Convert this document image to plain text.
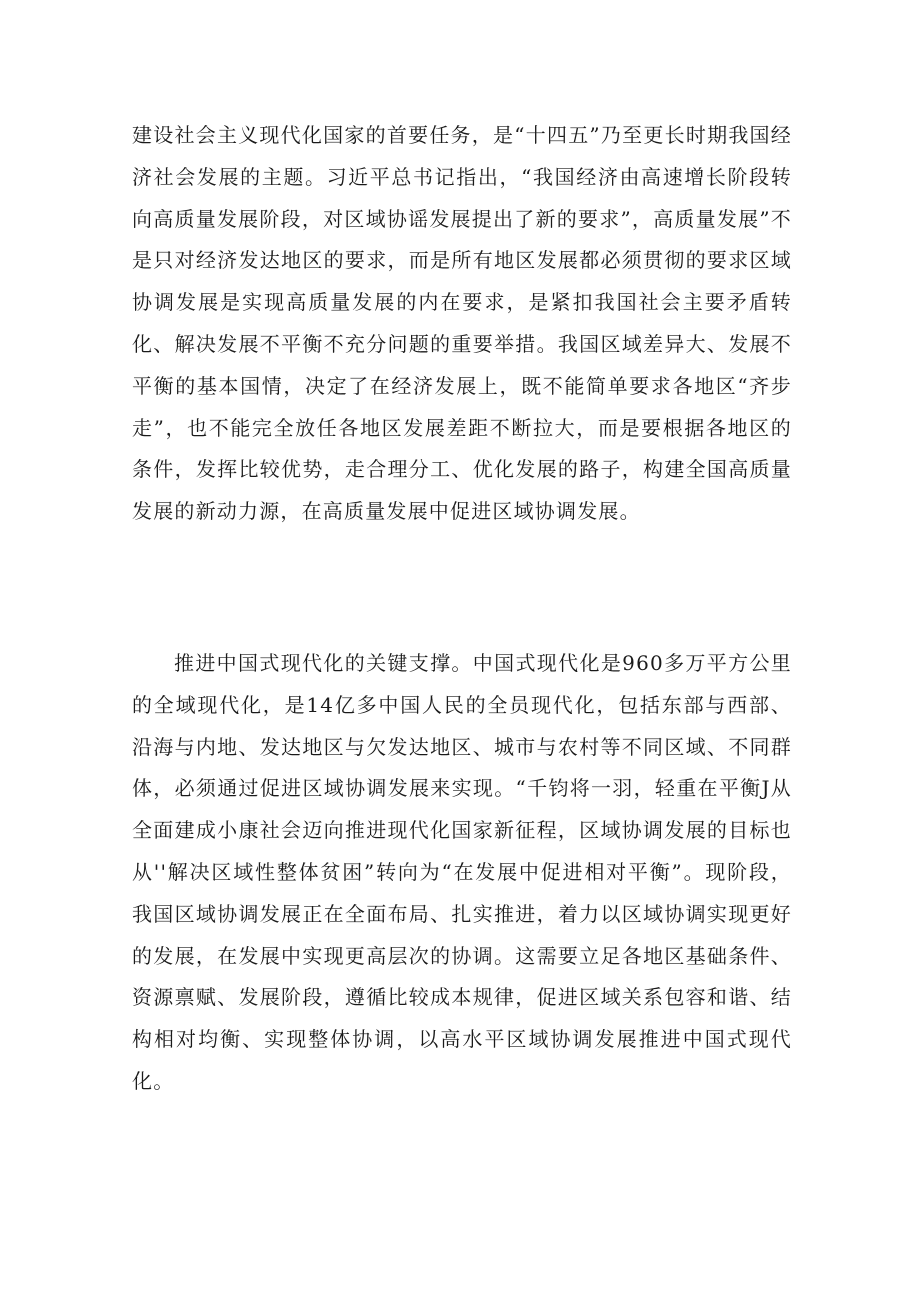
建设社会主义现代化国家的首要任务，是“十四五”乃至更长时期我国经济社会发展的主题。习近平总书记指出，“我国经济由高速增长阶段转向高质量发展阶段，对区域协谣发展提出了新的要求”，高质量发展”不是只对经济发达地区的要求，而是所有地区发展都必须贯彻的要求区域协调发展是实现高质量发展的内在要求，是紧扣我国社会主要矛盾转化、解决发展不平衡不充分问题的重要举措。我国区域差异大、发展不平衡的基本国情，决定了在经济发展上，既不能简单要求各地区“齐步走”，也不能完全放任各地区发展差距不断拉大，而是要根据各地区的条件，发挥比较优势，走合理分工、优化发展的路子，构建全国高质量发展的新动力源，在高质量发展中促进区域协调发展。

推进中国式现代化的关键支撑。中国式现代化是960多万平方公里的全域现代化，是14亿多中国人民的全员现代化，包括东部与西部、沿海与内地、发达地区与欠发达地区、城市与农村等不同区域、不同群体，必须通过促进区域协调发展来实现。“千钧将一羽，轻重在平衡J从全面建成小康社会迈向推进现代化国家新征程，区域协调发展的目标也从''解决区域性整体贫困”转向为“在发展中促进相对平衡”。现阶段，我国区域协调发展正在全面布局、扎实推进，着力以区域协调实现更好的发展，在发展中实现更高层次的协调。这需要立足各地区基础条件、资源禀赋、发展阶段，遵循比较成本规律，促进区域关系包容和谐、结构相对均衡、实现整体协调，以高水平区域协调发展推进中国式现代化。
